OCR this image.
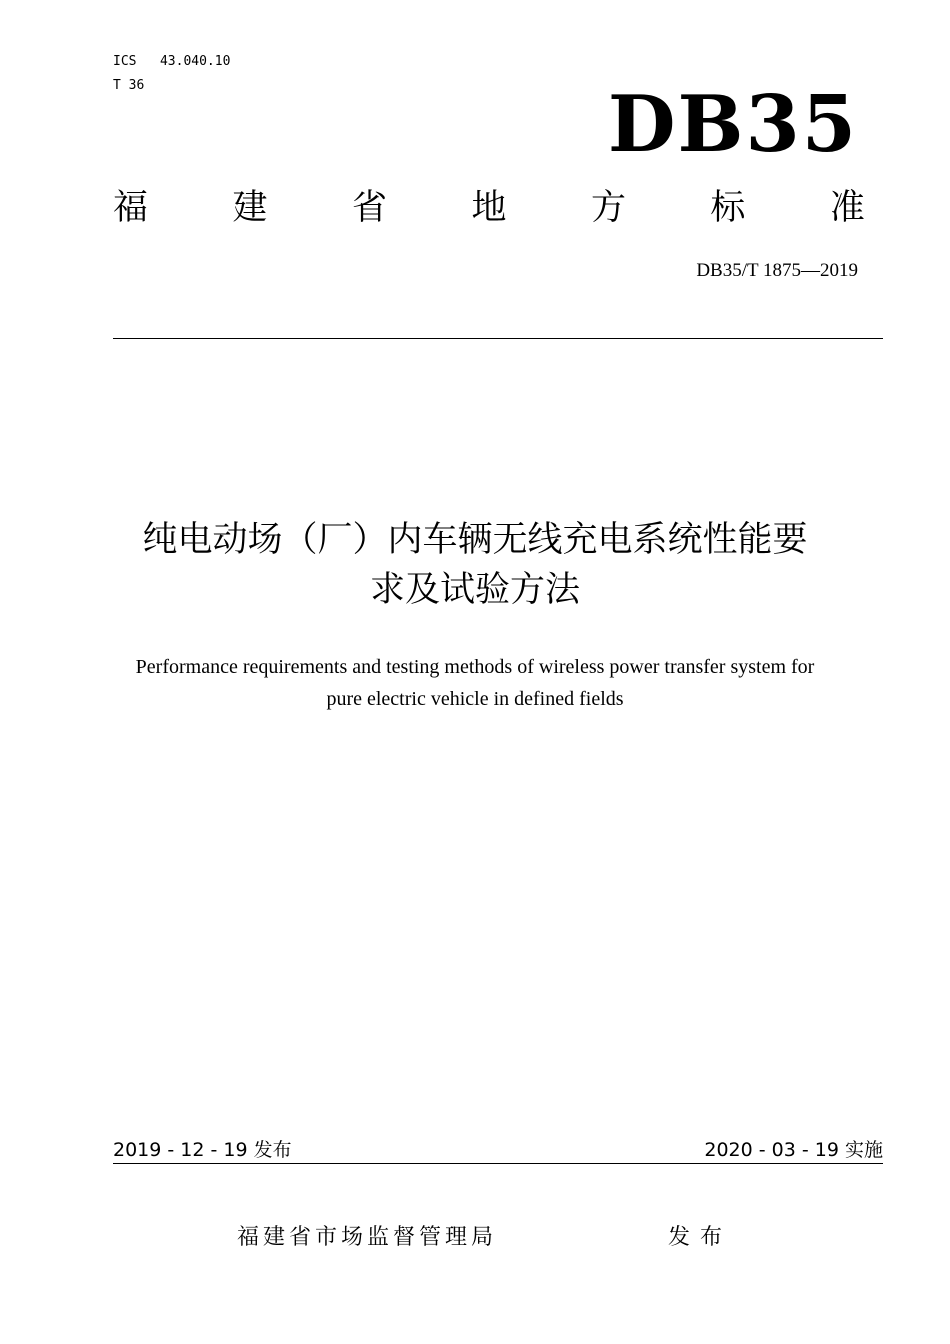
ICS 43.040.10
T 36	DB35
福 建 省 地 方 标 准
DB35/T 1875—2019
纯电动场（厂）内车辆无线充电系统性能要
求及试验方法
Performance requirements and testing methods of wireless power transfer system for
pure electric vehicle in defined fields
2019 - 12 - 19 发布	2020 - 03 - 19 实施
福建省市场监督管理局	发布
